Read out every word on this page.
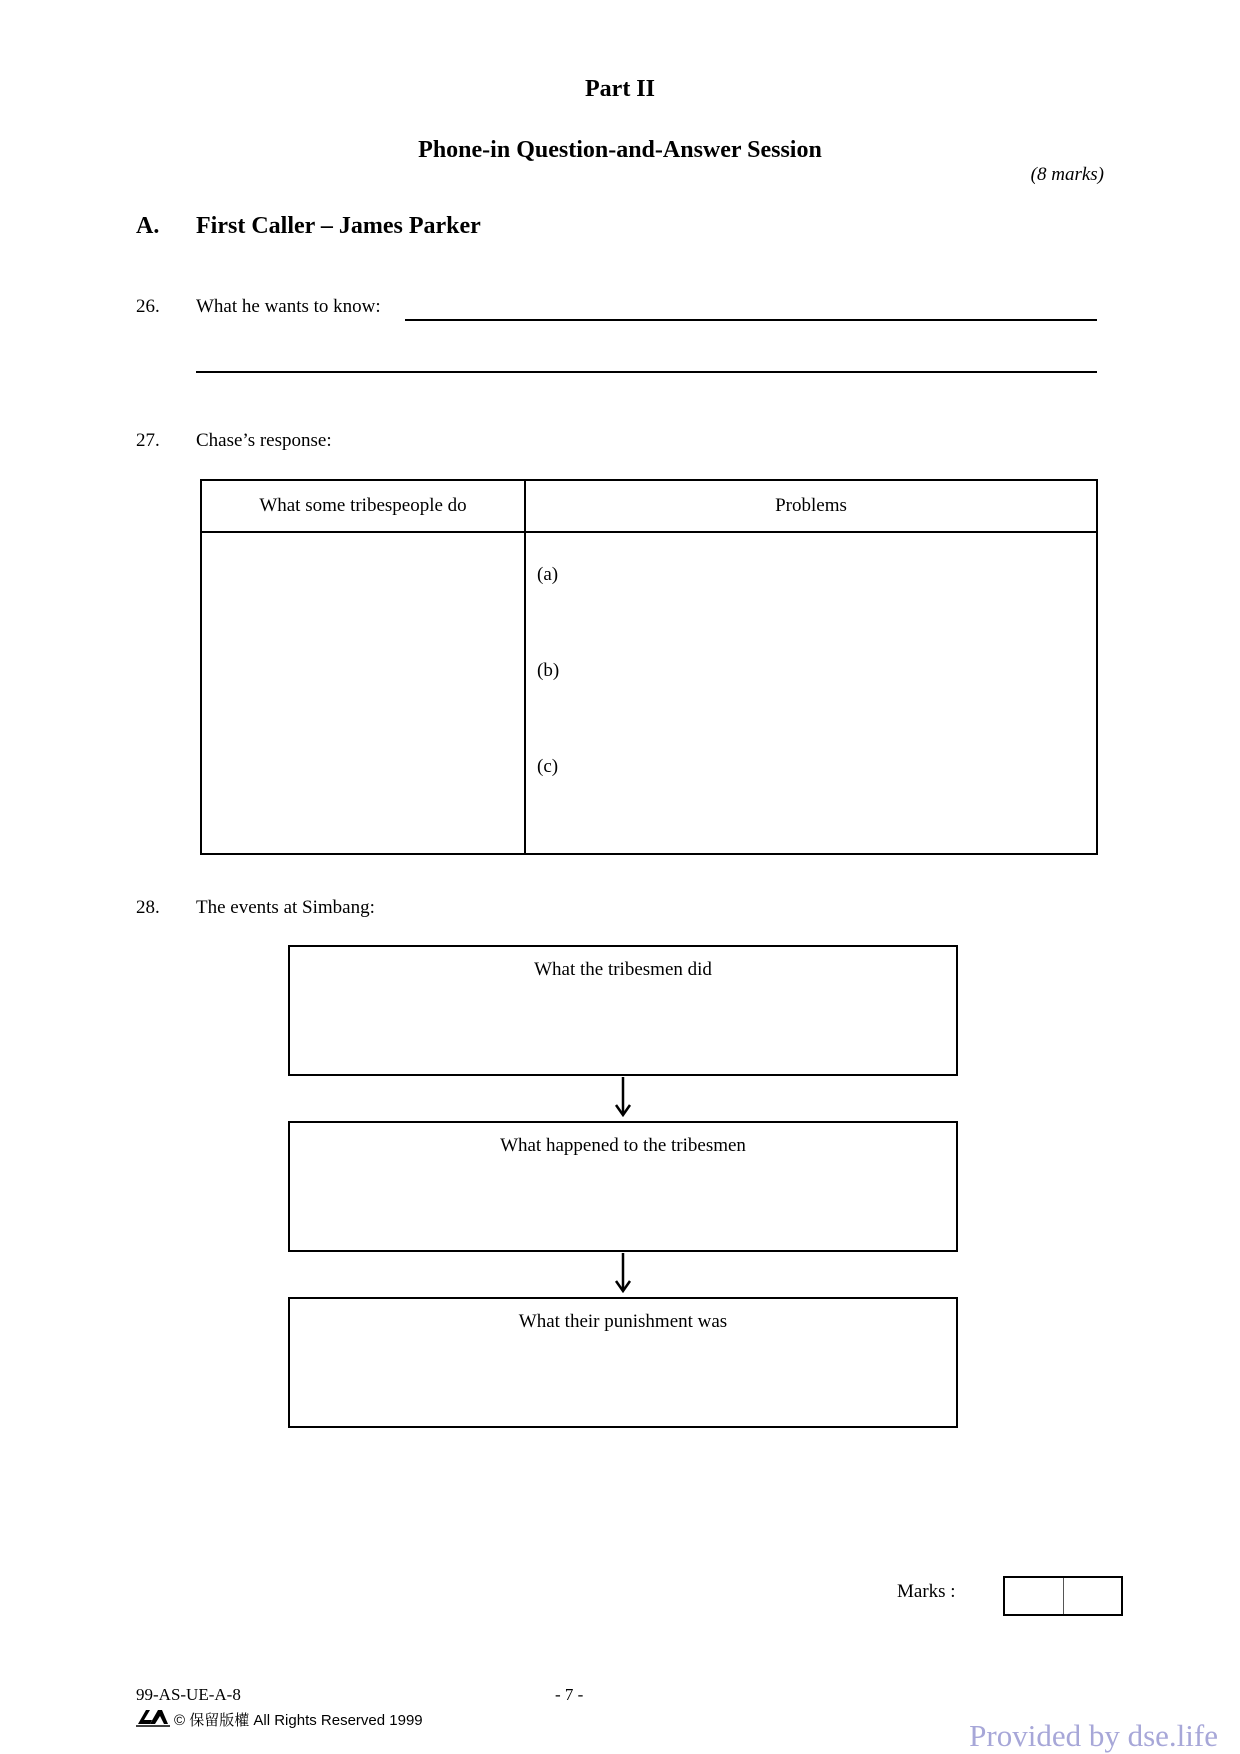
Part II
Phone-in Question-and-Answer Session
(8 marks)
A. First Caller – James Parker
26. What he wants to know:
27. Chase’s response:
What some tribespeople do	Problems

	(a)
(b)
(c)
28. The events at Simbang:
What the tribesmen did
What happened to the tribesmen
What their punishment was
Marks :
99-AS-UE-A-8	- 7 -
© 保留版權 All Rights Reserved 1999	Provided by dse.life
